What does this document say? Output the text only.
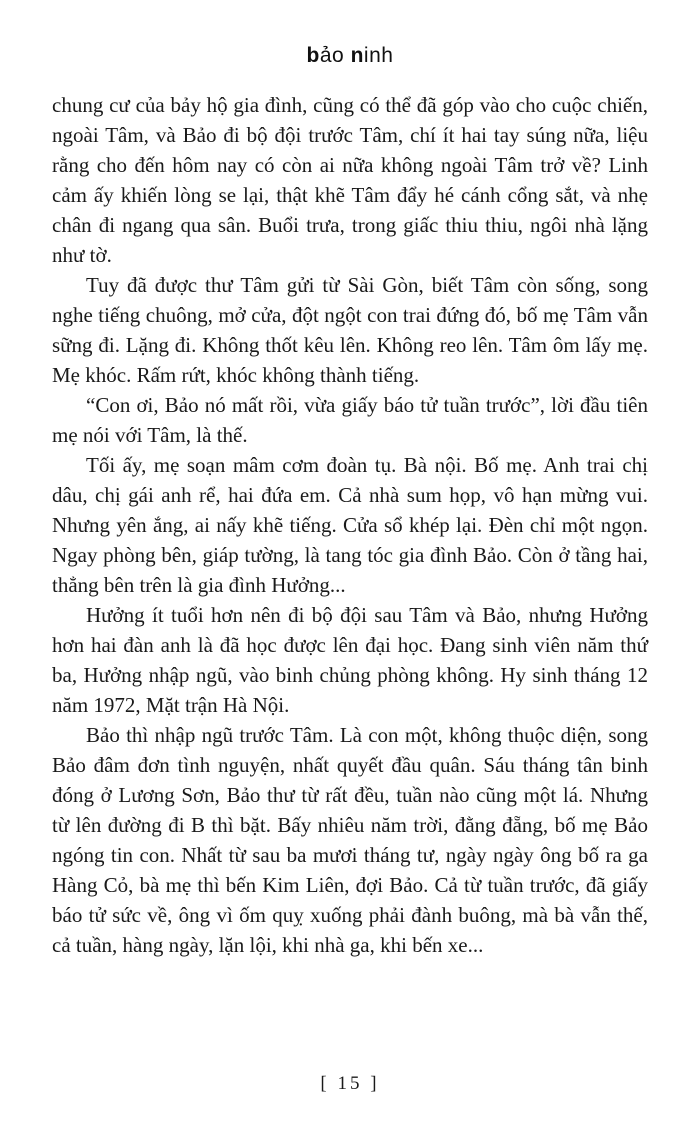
bảo ninh

chung cư của bảy hộ gia đình, cũng có thể đã góp vào cho cuộc chiến, ngoài Tâm, và Bảo đi bộ đội trước Tâm, chí ít hai tay súng nữa, liệu rằng cho đến hôm nay có còn ai nữa không ngoài Tâm trở về? Linh cảm ấy khiến lòng se lại, thật khẽ Tâm đẩy hé cánh cổng sắt, và nhẹ chân đi ngang qua sân. Buổi trưa, trong giấc thiu thiu, ngôi nhà lặng như tờ.

Tuy đã được thư Tâm gửi từ Sài Gòn, biết Tâm còn sống, song nghe tiếng chuông, mở cửa, đột ngột con trai đứng đó, bố mẹ Tâm vẫn sững đi. Lặng đi. Không thốt kêu lên. Không reo lên. Tâm ôm lấy mẹ. Mẹ khóc. Rấm rứt, khóc không thành tiếng.

“Con ơi, Bảo nó mất rồi, vừa giấy báo tử tuần trước”, lời đầu tiên mẹ nói với Tâm, là thế.

Tối ấy, mẹ soạn mâm cơm đoàn tụ. Bà nội. Bố mẹ. Anh trai chị dâu, chị gái anh rể, hai đứa em. Cả nhà sum họp, vô hạn mừng vui. Nhưng yên ắng, ai nấy khẽ tiếng. Cửa sổ khép lại. Đèn chỉ một ngọn. Ngay phòng bên, giáp tường, là tang tóc gia đình Bảo. Còn ở tầng hai, thẳng bên trên là gia đình Hưởng...

Hưởng ít tuổi hơn nên đi bộ đội sau Tâm và Bảo, nhưng Hưởng hơn hai đàn anh là đã học được lên đại học. Đang sinh viên năm thứ ba, Hưởng nhập ngũ, vào binh chủng phòng không. Hy sinh tháng 12 năm 1972, Mặt trận Hà Nội.

Bảo thì nhập ngũ trước Tâm. Là con một, không thuộc diện, song Bảo đâm đơn tình nguyện, nhất quyết đầu quân. Sáu tháng tân binh đóng ở Lương Sơn, Bảo thư từ rất đều, tuần nào cũng một lá. Nhưng từ lên đường đi B thì bặt. Bấy nhiêu năm trời, đằng đẵng, bố mẹ Bảo ngóng tin con. Nhất từ sau ba mươi tháng tư, ngày ngày ông bố ra ga Hàng Cỏ, bà mẹ thì bến Kim Liên, đợi Bảo. Cả từ tuần trước, đã giấy báo tử sức về, ông vì ốm quỵ xuống phải đành buông, mà bà vẫn thế, cả tuần, hàng ngày, lặn lội, khi nhà ga, khi bến xe...

[ 15 ]
